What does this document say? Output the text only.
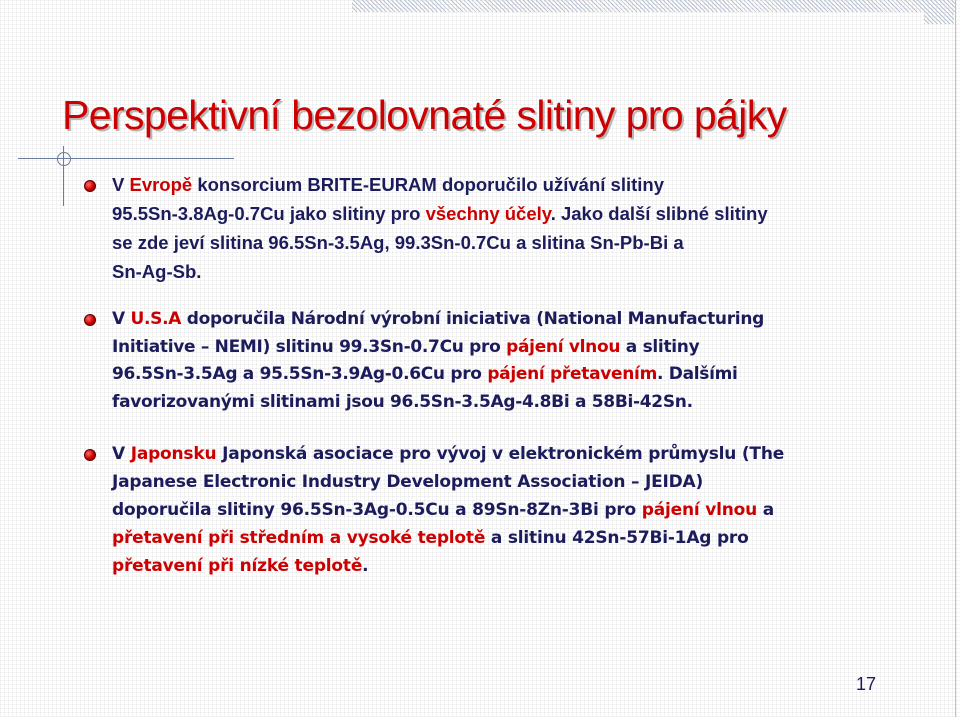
Perspektivní bezolovnaté slitiny pro pájky

V Evropě konsorcium BRITE-EURAM doporučilo užívání slitiny

95.5Sn-3.8Ag-0.7Cu jako slitiny pro všechny účely. Jako další slibné slitiny

se zde jeví slitina 96.5Sn-3.5Ag, 99.3Sn-0.7Cu a slitina Sn-Pb-Bi a

Sn-Ag-Sb.

V U.S.A doporučila Národní výrobní iniciativa (National Manufacturing

Initiative – NEMI) slitinu 99.3Sn-0.7Cu pro pájení vlnou a slitiny

96.5Sn-3.5Ag a 95.5Sn-3.9Ag-0.6Cu pro pájení přetavením. Dalšími

favorizovanými slitinami jsou 96.5Sn-3.5Ag-4.8Bi a 58Bi-42Sn.

V Japonsku Japonská asociace pro vývoj v elektronickém průmyslu (The

Japanese Electronic Industry Development Association – JEIDA)

doporučila slitiny 96.5Sn-3Ag-0.5Cu a 89Sn-8Zn-3Bi pro pájení vlnou a

přetavení při středním a vysoké teplotě a slitinu 42Sn-57Bi-1Ag pro

přetavení při nízké teplotě.

17
